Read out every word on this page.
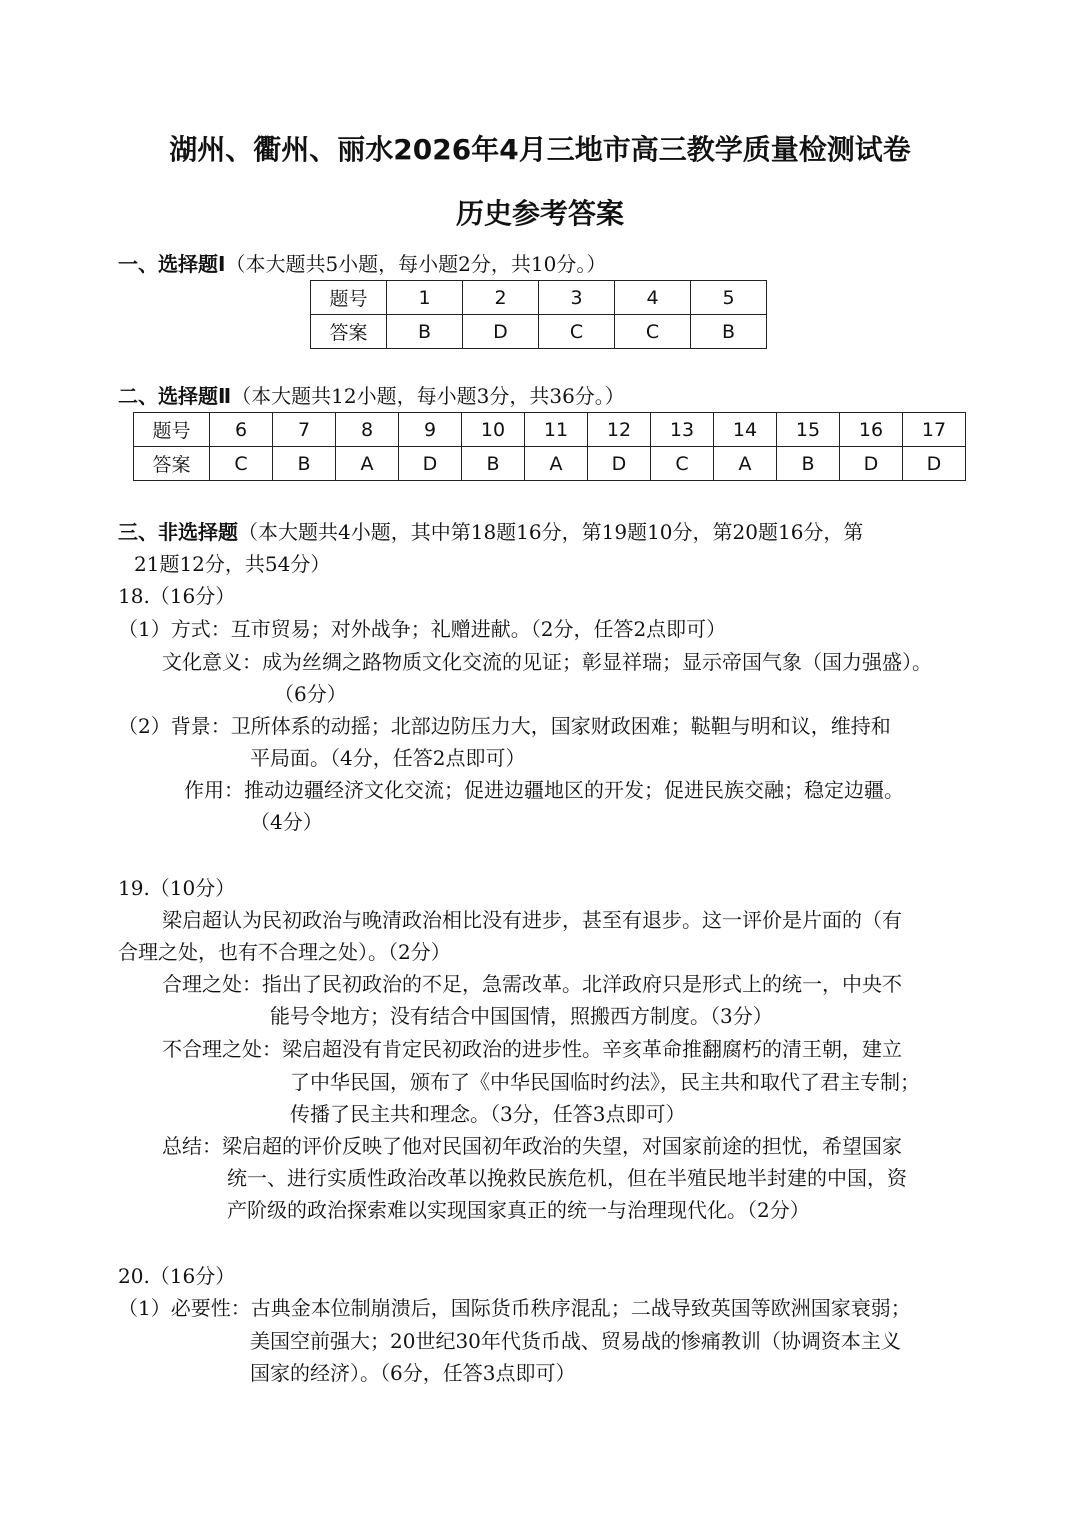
湖州、衢州、丽水2026年4月三地市高三教学质量检测试卷
历史参考答案

一、选择题Ⅰ（本大题共5小题，每小题2分，共10分。）

题号	1	2	3	4	5
答案	B	D	C	C	B

二、选择题Ⅱ（本大题共12小题，每小题3分，共36分。）

题号	6	7	8	9	10	11	12	13	14	15	16	17
答案	C	B	A	D	B	A	D	C	A	B	D	D

三、非选择题（本大题共4小题，其中第18题16分，第19题10分，第20题16分，第

21题12分，共54分）

18.（16分）

（1）方式：互市贸易；对外战争；礼赠进献。（2分，任答2点即可）

文化意义：成为丝绸之路物质文化交流的见证；彰显祥瑞；显示帝国气象（国力强盛）。

（6分）

（2）背景：卫所体系的动摇；北部边防压力大，国家财政困难；鞑靼与明和议，维持和

平局面。（4分，任答2点即可）

作用：推动边疆经济文化交流；促进边疆地区的开发；促进民族交融；稳定边疆。

（4分）

19.（10分）

梁启超认为民初政治与晚清政治相比没有进步，甚至有退步。这一评价是片面的（有

合理之处，也有不合理之处）。（2分）

合理之处：指出了民初政治的不足，急需改革。北洋政府只是形式上的统一，中央不

能号令地方；没有结合中国国情，照搬西方制度。（3分）

不合理之处：梁启超没有肯定民初政治的进步性。辛亥革命推翻腐朽的清王朝，建立

了中华民国，颁布了《中华民国临时约法》，民主共和取代了君主专制；

传播了民主共和理念。（3分，任答3点即可）

总结：梁启超的评价反映了他对民国初年政治的失望，对国家前途的担忧，希望国家

统一、进行实质性政治改革以挽救民族危机，但在半殖民地半封建的中国，资

产阶级的政治探索难以实现国家真正的统一与治理现代化。（2分）

20.（16分）

（1）必要性：古典金本位制崩溃后，国际货币秩序混乱；二战导致英国等欧洲国家衰弱；

美国空前强大；20世纪30年代货币战、贸易战的惨痛教训（协调资本主义

国家的经济）。（6分，任答3点即可）
